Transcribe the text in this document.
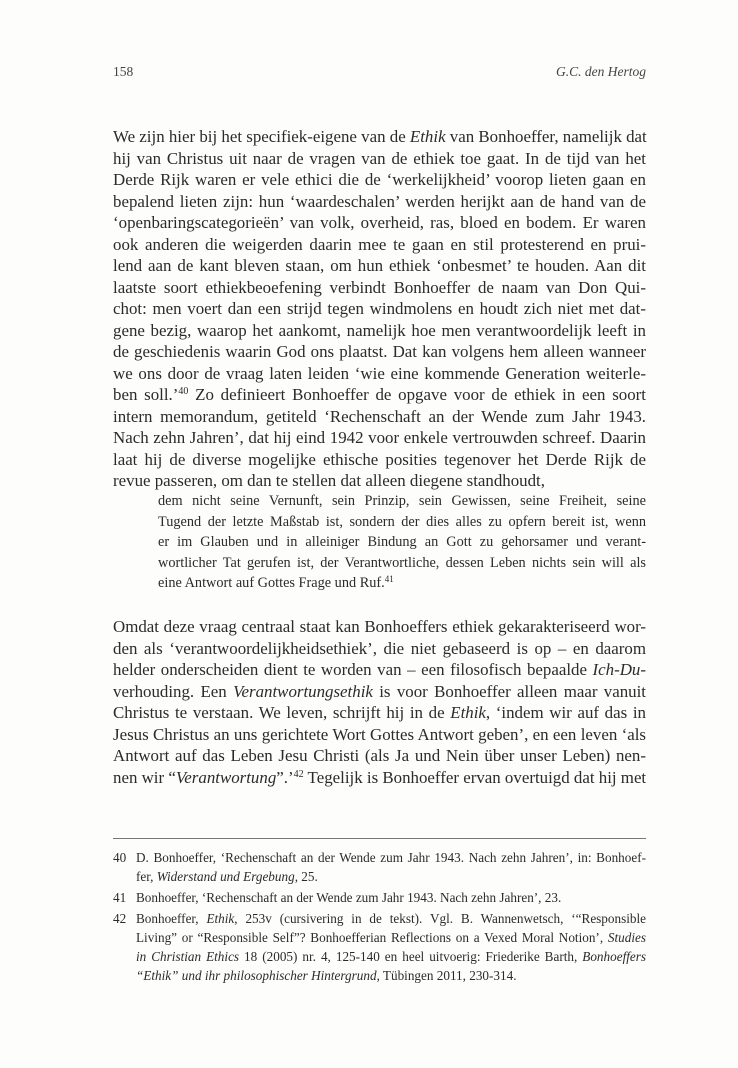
158	G.C. den Hertog
We zijn hier bij het specifiek-eigene van de Ethik van Bonhoeffer, namelijk dat
hij van Christus uit naar de vragen van de ethiek toe gaat. In de tijd van het
Derde Rijk waren er vele ethici die de ‘werkelijkheid’ voorop lieten gaan en
bepalend lieten zijn: hun ‘waardeschalen’ werden herijkt aan de hand van de
‘openbaringscategorieën’ van volk, overheid, ras, bloed en bodem. Er waren
ook anderen die weigerden daarin mee te gaan en stil protesterend en prui-
lend aan de kant bleven staan, om hun ethiek ‘onbesmet’ te houden. Aan dit
laatste soort ethiekbeoefening verbindt Bonhoeffer de naam van Don Qui-
chot: men voert dan een strijd tegen windmolens en houdt zich niet met dat-
gene bezig, waarop het aankomt, namelijk hoe men verantwoordelijk leeft in
de geschiedenis waarin God ons plaatst. Dat kan volgens hem alleen wanneer
we ons door de vraag laten leiden ‘wie eine kommende Generation weiterle-
ben soll.’$^{40}$ Zo definieert Bonhoeffer de opgave voor de ethiek in een soort
intern memorandum, getiteld ‘Rechenschaft an der Wende zum Jahr 1943.
Nach zehn Jahren’, dat hij eind 1942 voor enkele vertrouwden schreef. Daarin
laat hij de diverse mogelijke ethische posities tegenover het Derde Rijk de
revue passeren, om dan te stellen dat alleen diegene standhoudt,
dem nicht seine Vernunft, sein Prinzip, sein Gewissen, seine Freiheit, seine
Tugend der letzte Maßstab ist, sondern der dies alles zu opfern bereit ist, wenn
er im Glauben und in alleiniger Bindung an Gott zu gehorsamer und verant-
wortlicher Tat gerufen ist, der Verantwortliche, dessen Leben nichts sein will als
eine Antwort auf Gottes Frage und Ruf.$^{41}$
Omdat deze vraag centraal staat kan Bonhoeffers ethiek gekarakteriseerd wor-
den als ‘verantwoordelijkheidsethiek’, die niet gebaseerd is op – en daarom
helder onderscheiden dient te worden van – een filosofisch bepaalde Ich-Du-
verhouding. Een Verantwortungsethik is voor Bonhoeffer alleen maar vanuit
Christus te verstaan. We leven, schrijft hij in de Ethik, ‘indem wir auf das in
Jesus Christus an uns gerichtete Wort Gottes Antwort geben’, en een leven ‘als
Antwort auf das Leben Jesu Christi (als Ja und Nein über unser Leben) nen-
nen wir “Verantwortung”.’$^{42}$ Tegelijk is Bonhoeffer ervan overtuigd dat hij met
40 D. Bonhoeffer, ‘Rechenschaft an der Wende zum Jahr 1943. Nach zehn Jahren’, in: Bonhoef-
fer, Widerstand und Ergebung, 25.
41 Bonhoeffer, ‘Rechenschaft an der Wende zum Jahr 1943. Nach zehn Jahren’, 23.
42 Bonhoeffer, Ethik, 253v (cursivering in de tekst). Vgl. B. Wannenwetsch, ‘“Responsible
Living” or “Responsible Self”? Bonhoefferian Reflections on a Vexed Moral Notion’, Studies
in Christian Ethics 18 (2005) nr. 4, 125-140 en heel uitvoerig: Friederike Barth, Bonhoeffers
“Ethik” und ihr philosophischer Hintergrund, Tübingen 2011, 230-314.
